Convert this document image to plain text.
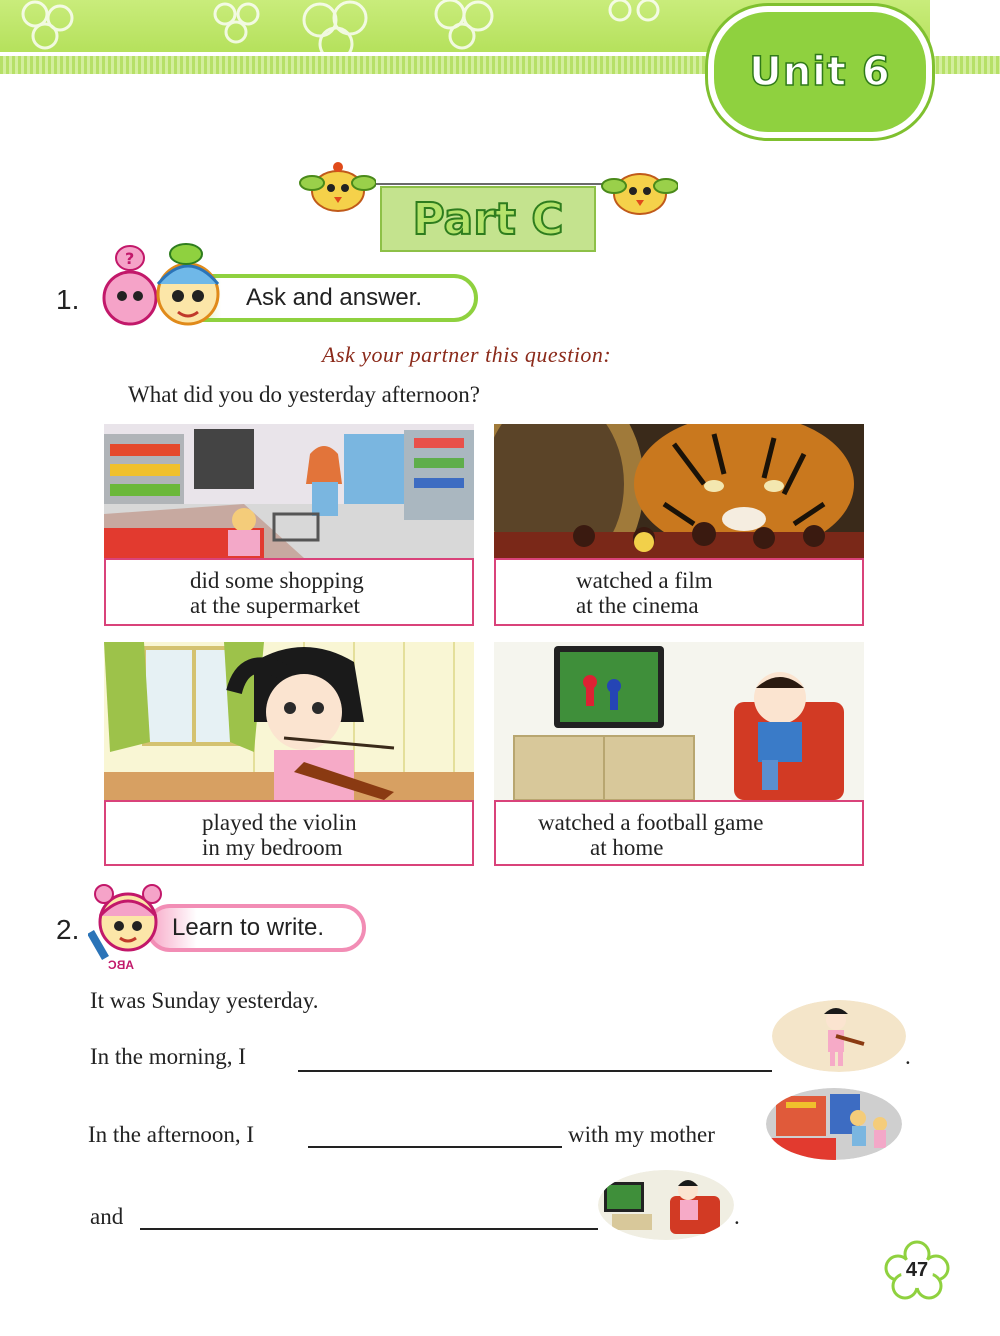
Unit 6
Part C
1.	Ask and answer.
?
Ask your partner this question:
What did you do yesterday afternoon?
did some shopping
at the supermarket
watched a film
at the cinema
played the violin
in my bedroom
watched a football game
at home
2.	Learn to write.
ABC
It was Sunday yesterday.
In the morning, I	.
In the afternoon, I	with my mother
and	.
47
